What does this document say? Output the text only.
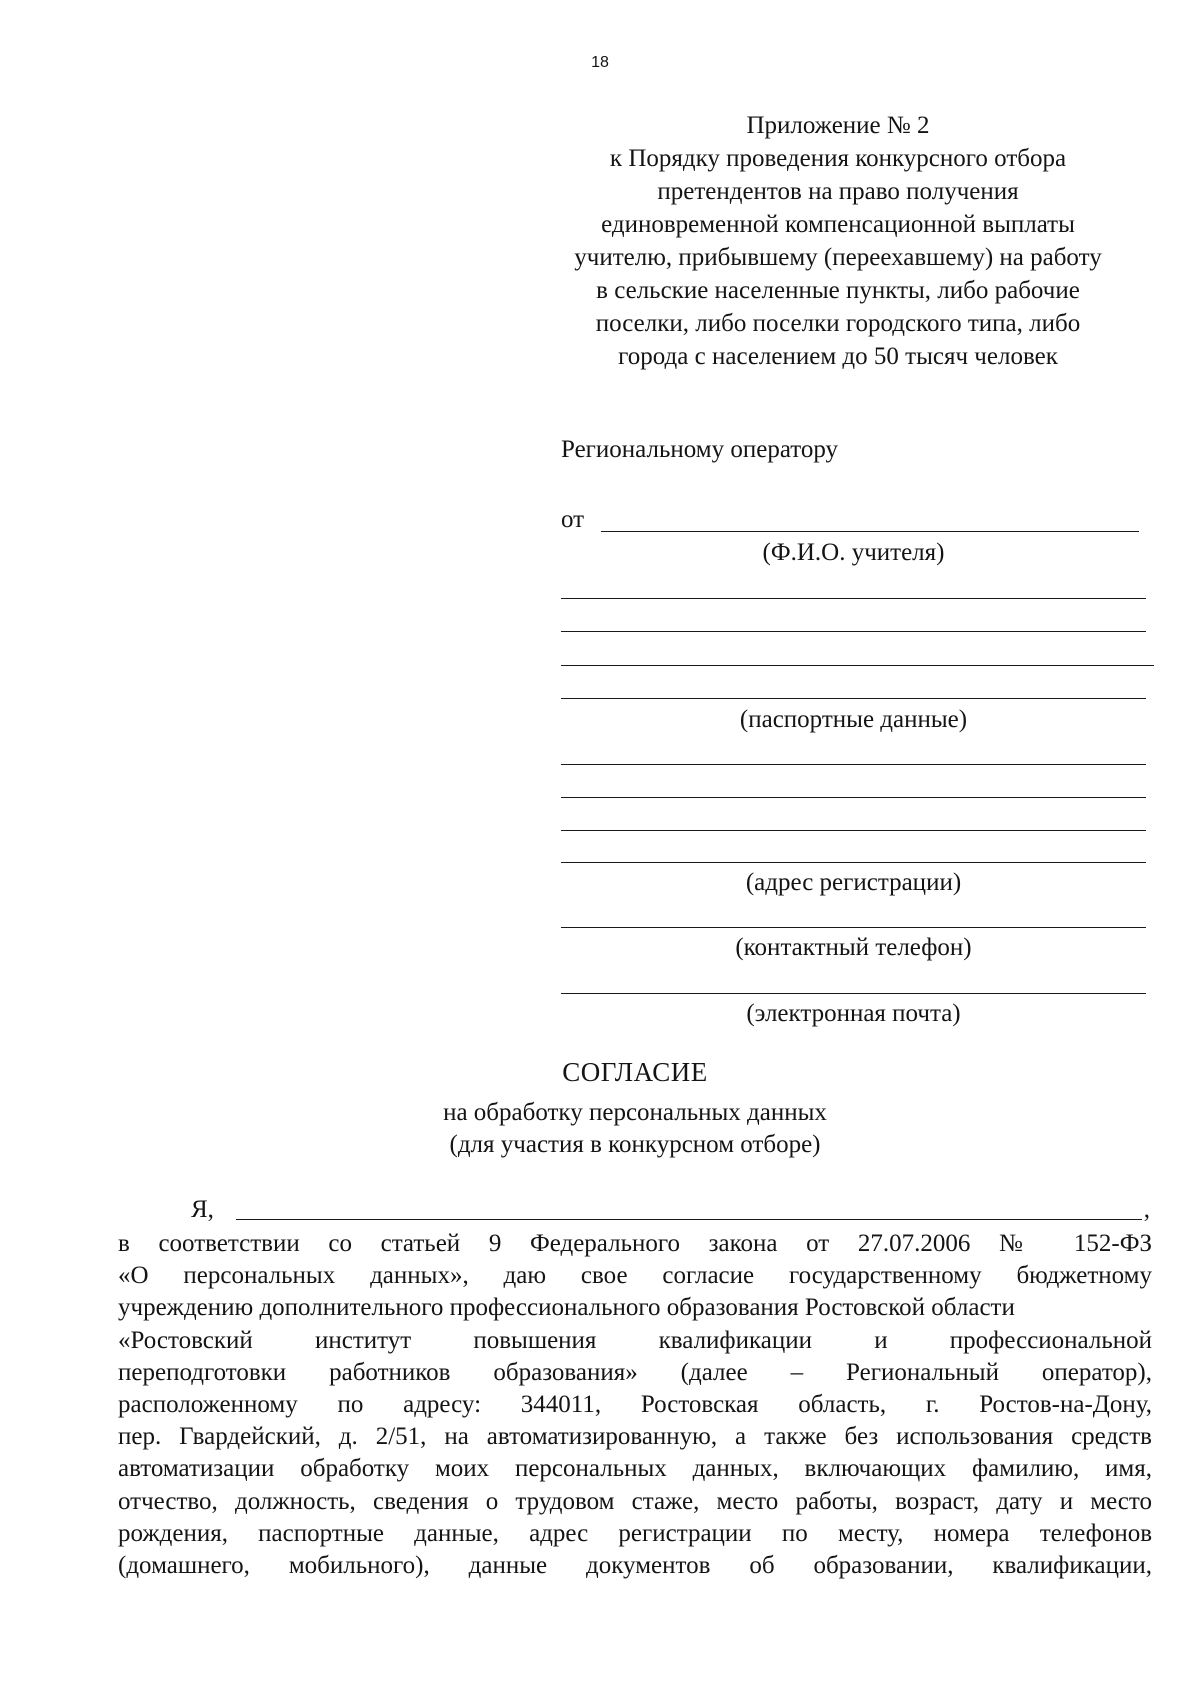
18
Приложение № 2
к Порядку проведения конкурсного отбора
претендентов на право получения
единовременной компенсационной выплаты
учителю, прибывшему (переехавшему) на работу
в сельские населенные пункты, либо рабочие
поселки, либо поселки городского типа, либо
города с населением до 50 тысяч человек
Региональному оператору
от
(Ф.И.О. учителя)
(паспортные данные)
(адрес регистрации)
(контактный телефон)
(электронная почта)
СОГЛАСИЕ
на обработку персональных данных
(для участия в конкурсном отборе)
Я,	,
в соответствии со статьей 9 Федерального закона от 27.07.2006 № 152-ФЗ
«О персональных данных», даю свое согласие государственному бюджетному
учреждению дополнительного профессионального образования Ростовской области
«Ростовский институт повышения квалификации и профессиональной
переподготовки работников образования» (далее – Региональный оператор),
расположенному по адресу: 344011, Ростовская область, г. Ростов-на-Дону,
пер. Гвардейский, д. 2/51, на автоматизированную, а также без использования средств
автоматизации обработку моих персональных данных, включающих фамилию, имя,
отчество, должность, сведения о трудовом стаже, место работы, возраст, дату и место
рождения, паспортные данные, адрес регистрации по месту, номера телефонов
(домашнего, мобильного), данные документов об образовании, квалификации,
